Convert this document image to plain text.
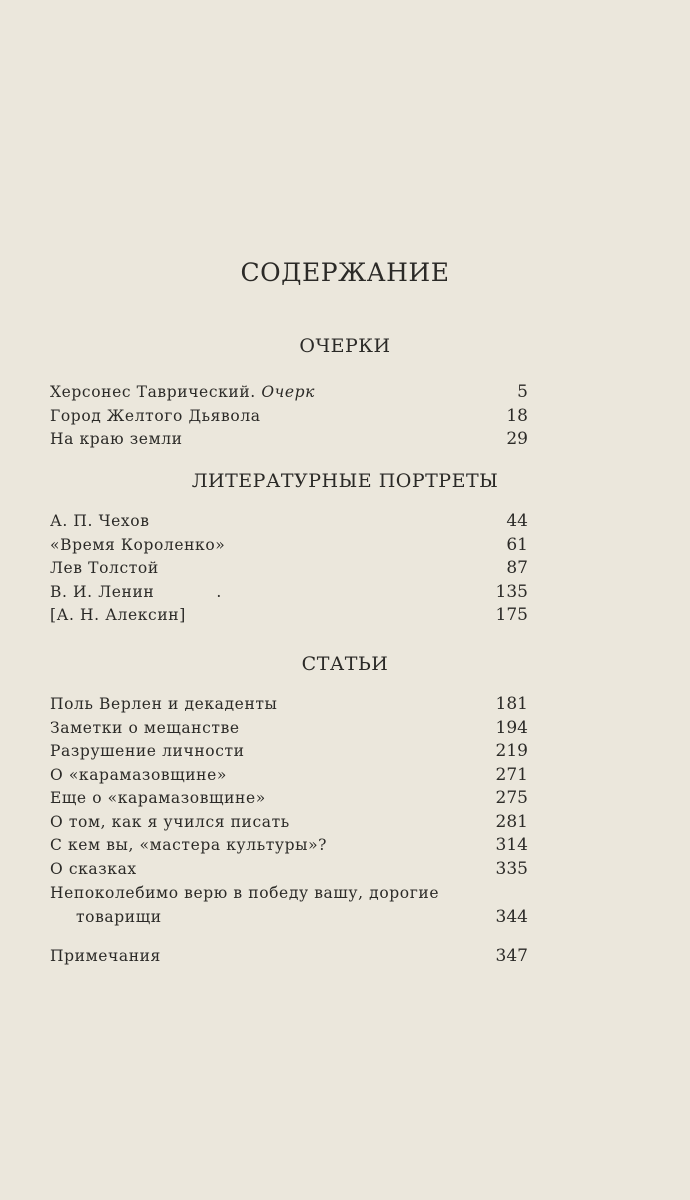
СОДЕРЖАНИЕ
ОЧЕРКИ
Херсонес Таврический. Очерк	5
Город Желтого Дьявола	18
На краю земли	29
ЛИТЕРАТУРНЫЕ ПОРТРЕТЫ
А. П. Чехов	44
«Время Короленко»	61
Лев Толстой	87
В. И. Ленин	.	135
[А. Н. Алексин]	175
СТАТЬИ
Поль Верлен и декаденты	181
Заметки о мещанстве	194
Разрушение личности	219
О «карамазовщине»	271
Еще о «карамазовщине»	275
О том, как я учился писать	281
С кем вы, «мастера культуры»?	314
О сказках	335
Непоколебимо верю в победу вашу, дорогие
товарищи	344
Примечания	347
